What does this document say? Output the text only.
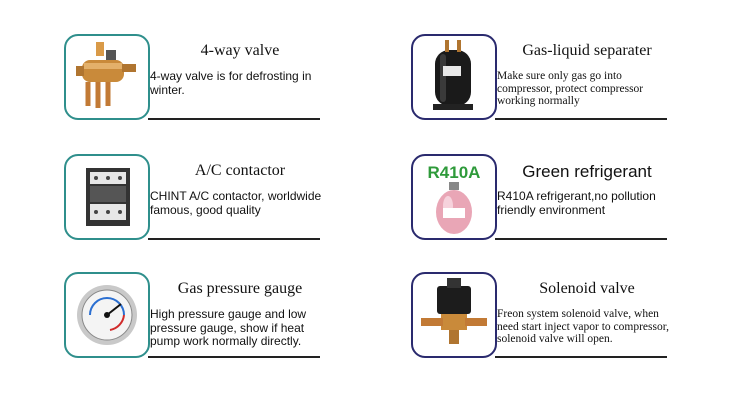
4-way valve
4-way valve is for defrosting in winter.
Gas-liquid separater
Make sure only gas go into compressor, protect compressor working normally
A/C contactor
CHINT A/C contactor, worldwide famous, good quality
R410A	Green refrigerant
R410A refrigerant,no pollution friendly environment
Gas pressure gauge
High pressure gauge and low pressure gauge, show if heat pump work normally directly.
Solenoid valve
Freon system solenoid valve, when need start inject vapor to compressor, solenoid valve will open.
